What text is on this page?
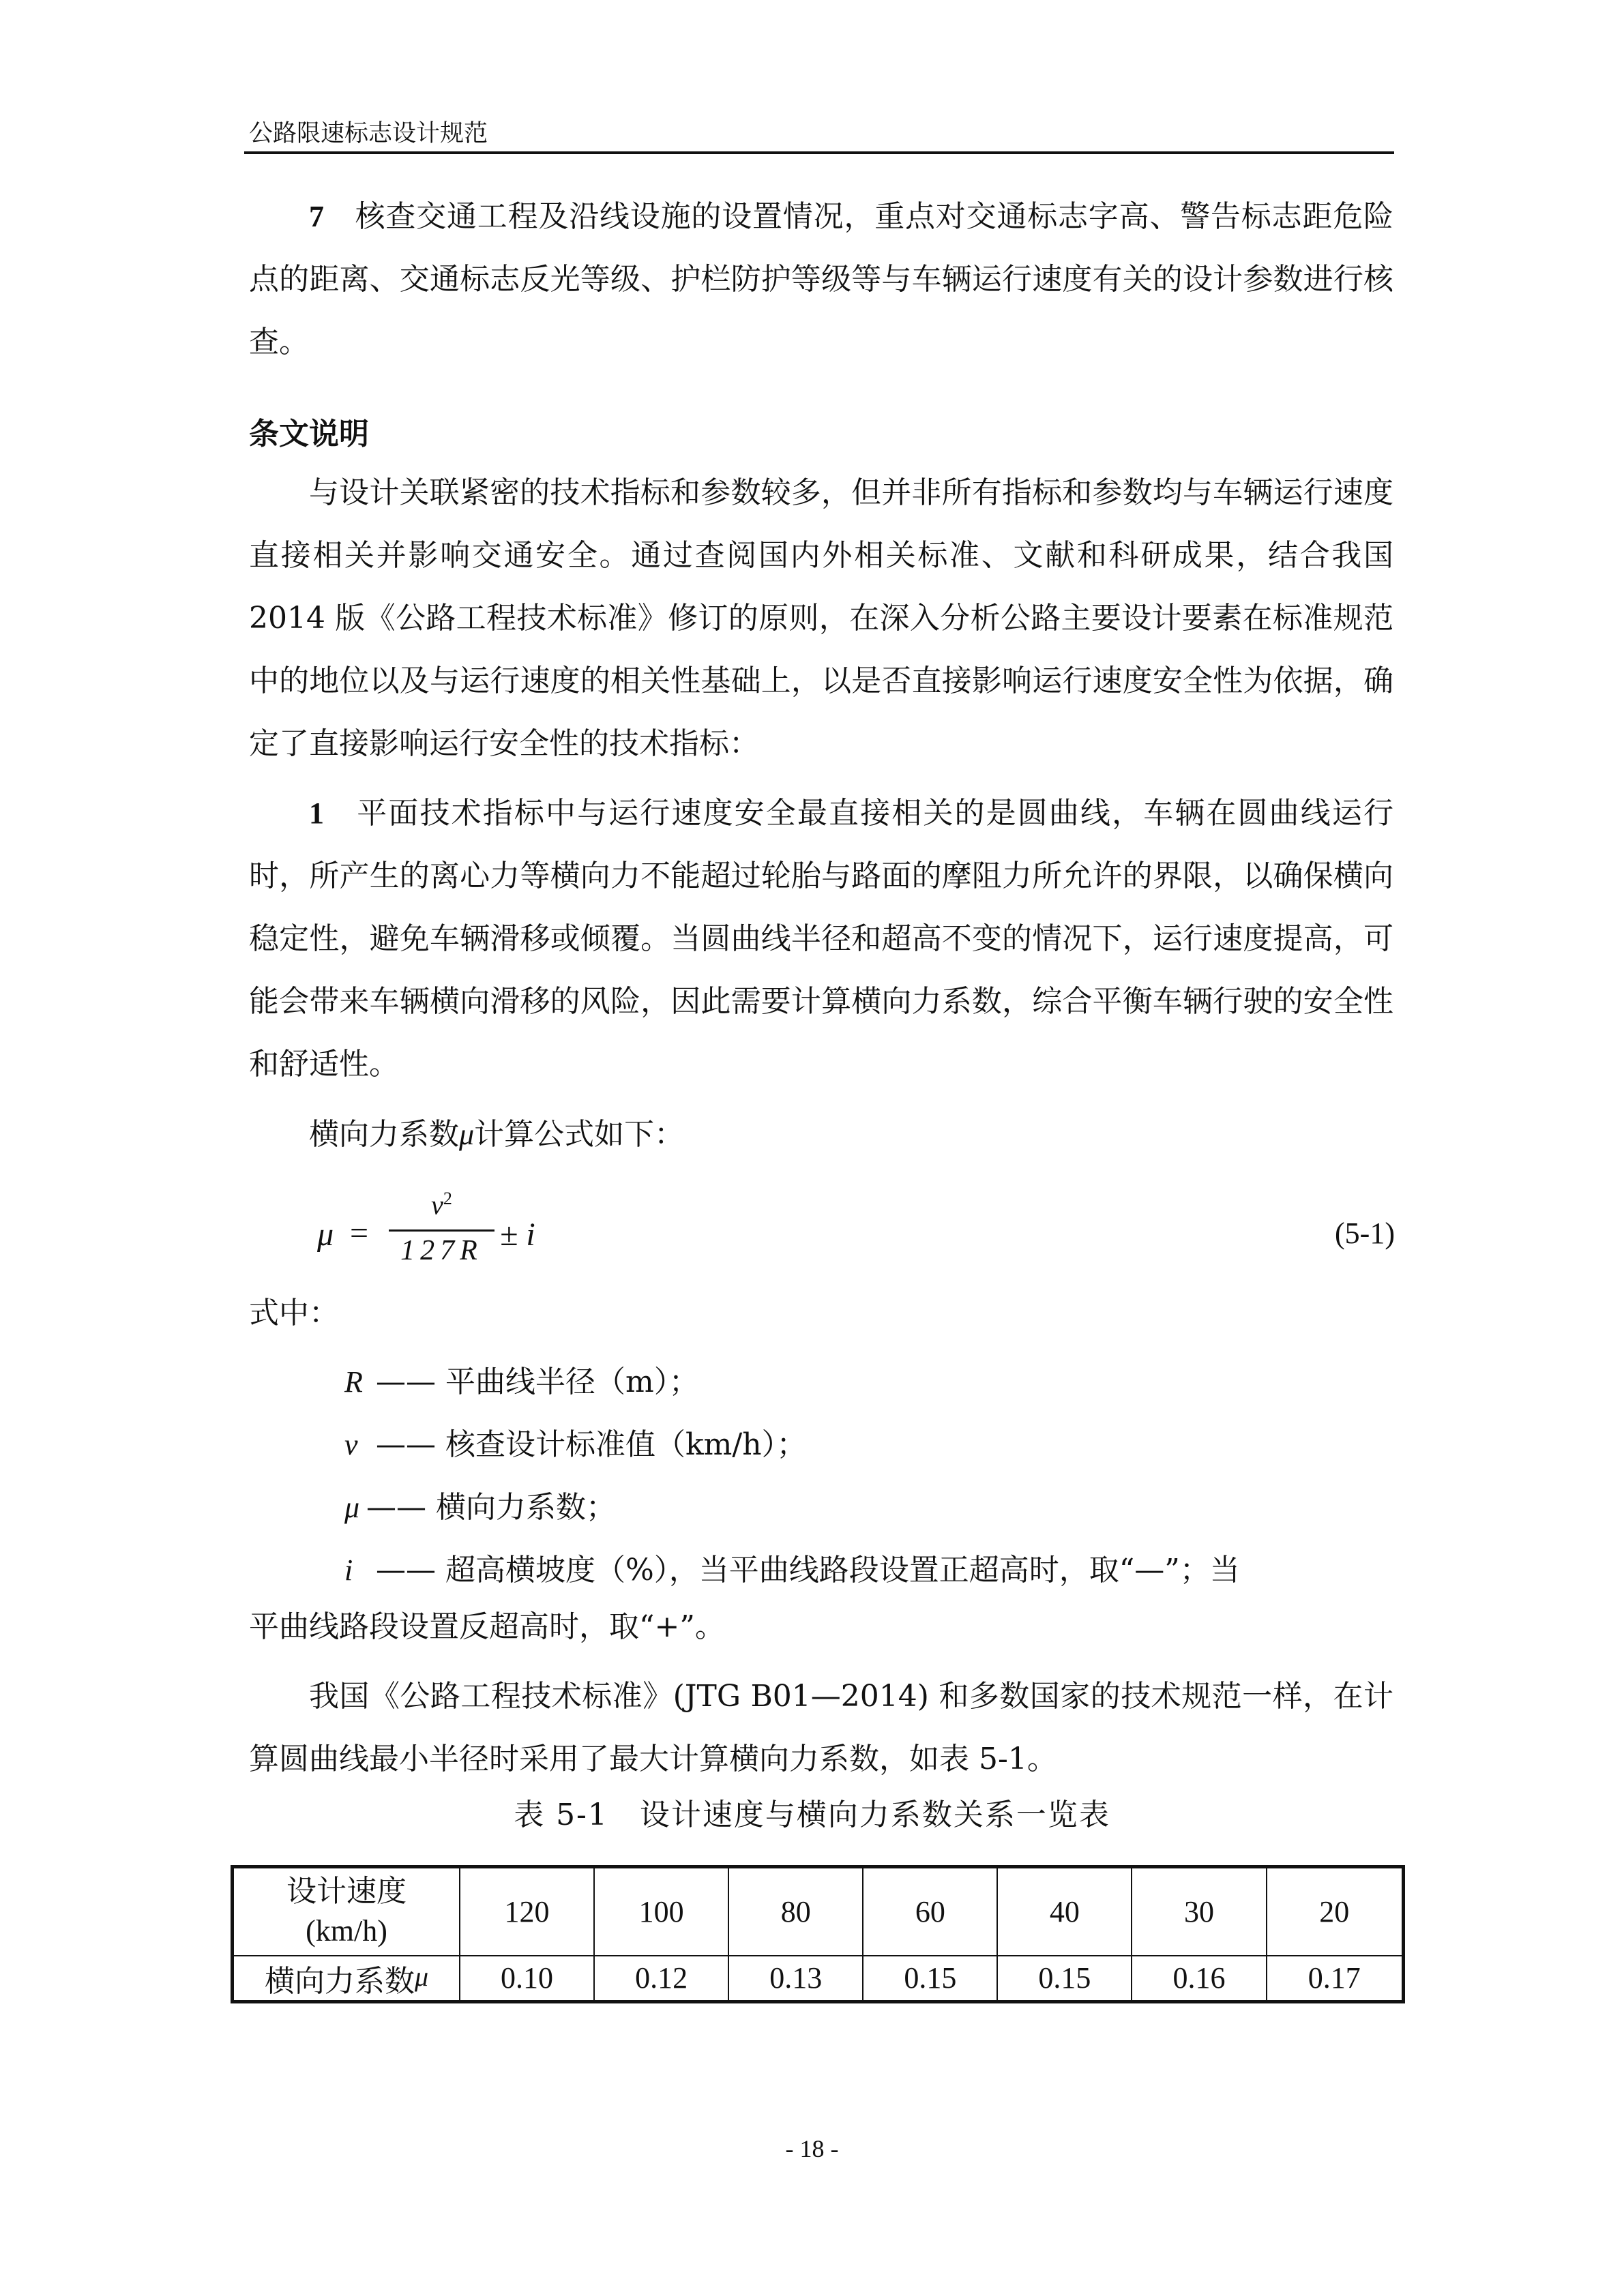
公路限速标志设计规范

7　 核查交通工程及沿线设施的设置情况，重点对交通标志字高、警告标志距危险点的距离、交通标志反光等级、护栏防护等级等与车辆运行速度有关的设计参数进行核查。

条文说明

与设计关联紧密的技术指标和参数较多，但并非所有指标和参数均与车辆运行速度直接相关并影响交通安全。通过查阅国内外相关标准、文献和科研成果，结合我国 2014 版《公路工程技术标准》修订的原则，在深入分析公路主要设计要素在标准规范中的地位以及与运行速度的相关性基础上，以是否直接影响运行速度安全性为依据，确定了直接影响运行安全性的技术指标：

1　 平面技术指标中与运行速度安全最直接相关的是圆曲线，车辆在圆曲线运行时，所产生的离心力等横向力不能超过轮胎与路面的摩阻力所允许的界限，以确保横向稳定性，避免车辆滑移或倾覆。当圆曲线半径和超高不变的情况下，运行速度提高，可能会带来车辆横向滑移的风险，因此需要计算横向力系数，综合平衡车辆行驶的安全性和舒适性。

横向力系数μ计算公式如下：

μ =
$v^2$
127R ± i	(5-1)

式中：

R —— 平曲线半径（m）；
v —— 核查设计标准值（km/h）；
μ —— 横向力系数；
i —— 超高横坡度（%），当平曲线路段设置正超高时，取“—”；当

平曲线路段设置反超高时，取“+”。

我国《公路工程技术标准》(JTG B01—2014) 和多数国家的技术规范一样，在计算圆曲线最小半径时采用了最大计算横向力系数，如表 5-1。

表 5-1　设计速度与横向力系数关系一览表
设计速度
(km/h)	120	100	80	60	40	30	20
横向力系数μ	0.10	0.12	0.13	0.15	0.15	0.16	0.17
- 18 -
